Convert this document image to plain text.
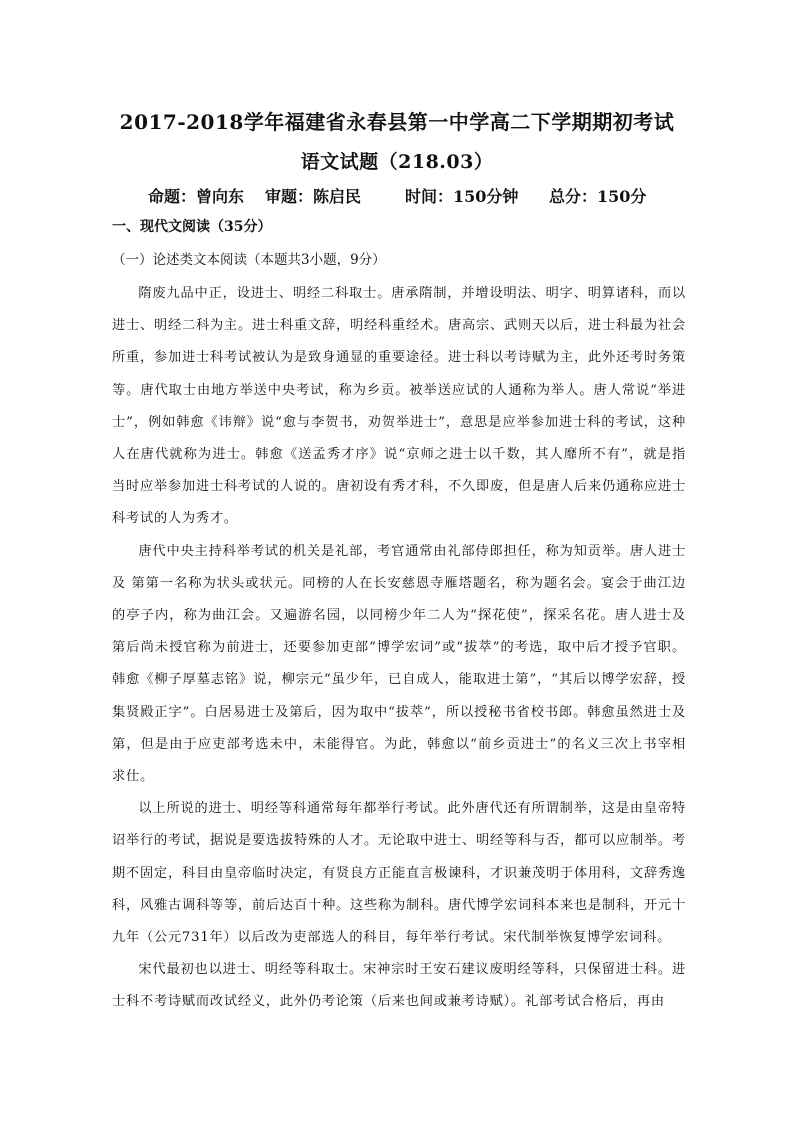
2017-2018学年福建省永春县第一中学高二下学期期初考试
语文试题（218.03）
命题：曾向东 审题：陈启民	时间：150分钟 总分：150分
一、现代文阅读（35分）
（一）论述类文本阅读（本题共3小题，9分）

隋废九品中正，设进士、明经二科取士。唐承隋制，并增设明法、明字、明算诸科，而以进士、明经二科为主。进士科重文辞，明经科重经术。唐高宗、武则天以后，进士科最为社会所重，参加进士科考试被认为是致身通显的重要途径。进士科以考诗赋为主，此外还考时务策等。唐代取士由地方举送中央考试，称为乡贡。被举送应试的人通称为举人。唐人常说“举进士”，例如韩愈《讳辩》说“愈与李贺书，劝贺举进士”，意思是应举参加进士科的考试，这种人在唐代就称为进士。韩愈《送孟秀才序》说“京师之进士以千数，其人靡所不有”，就是指当时应举参加进士科考试的人说的。唐初设有秀才科，不久即废，但是唐人后来仍通称应进士科考试的人为秀才。

唐代中央主持科举考试的机关是礼部，考官通常由礼部侍郎担任，称为知贡举。唐人进士及 第第一名称为状头或状元。同榜的人在长安慈恩寺雁塔题名，称为题名会。宴会于曲江边的亭子内，称为曲江会。又遍游名园，以同榜少年二人为“探花使”，探采名花。唐人进士及第后尚未授官称为前进士，还要参加吏部“博学宏词”或“拔萃”的考选，取中后才授予官职。韩愈《柳子厚墓志铭》说，柳宗元“虽少年，已自成人，能取进士第”，“其后以博学宏辞，授集贤殿正字”。白居易进士及第后，因为取中“拔萃”，所以授秘书省校书郎。韩愈虽然进士及第，但是由于应吏部考选未中，未能得官。为此，韩愈以“前乡贡进士”的名义三次上书宰相求仕。

以上所说的进士、明经等科通常每年都举行考试。此外唐代还有所谓制举，这是由皇帝特诏举行的考试，据说是要选拔特殊的人才。无论取中进士、明经等科与否，都可以应制举。考期不固定，科目由皇帝临时决定，有贤良方正能直言极谏科，才识兼茂明于体用科，文辞秀逸科，风雅古调科等等，前后达百十种。这些称为制科。唐代博学宏词科本来也是制科，开元十九年（公元731年）以后改为吏部选人的科目，每年举行考试。宋代制举恢复博学宏词科。

宋代最初也以进士、明经等科取士。宋神宗时王安石建议废明经等科，只保留进士科。进士科不考诗赋而改试经义，此外仍考论策（后来也间或兼考诗赋）。礼部考试合格后，再由
